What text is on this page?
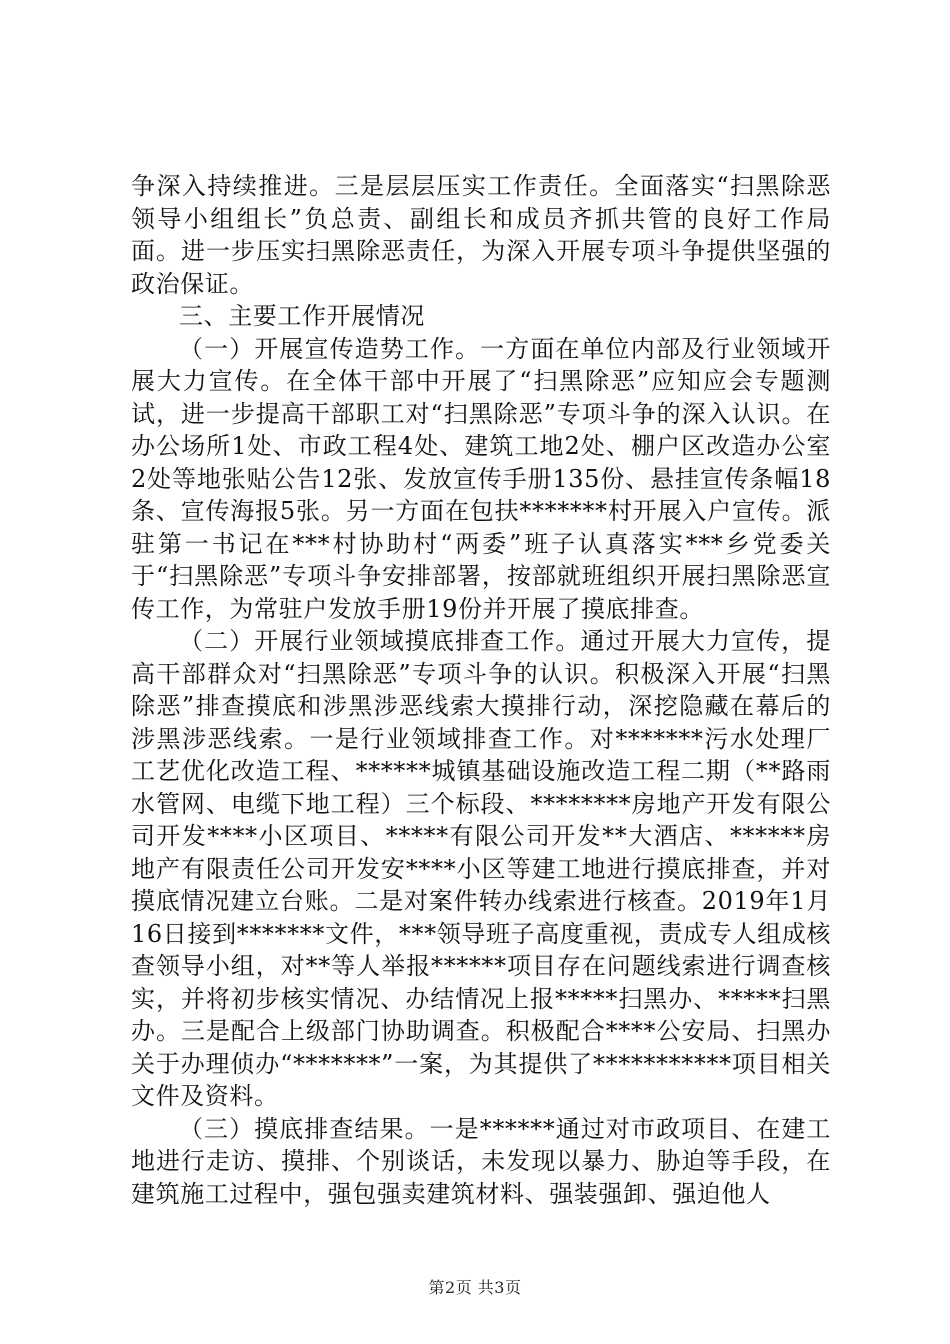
争深入持续推进。三是层层压实工作责任。全面落实“扫黑除恶领导小组组长”负总责、副组长和成员齐抓共管的良好工作局面。进一步压实扫黑除恶责任，为深入开展专项斗争提供坚强的政治保证。

三、主要工作开展情况

（一）开展宣传造势工作。一方面在单位内部及行业领域开展大力宣传。在全体干部中开展了“扫黑除恶”应知应会专题测试，进一步提高干部职工对“扫黑除恶”专项斗争的深入认识。在办公场所1处、市政工程4处、建筑工地2处、棚户区改造办公室2处等地张贴公告12张、发放宣传手册135份、悬挂宣传条幅18条、宣传海报5张。另一方面在包扶*******村开展入户宣传。派驻第一书记在***村协助村“两委”班子认真落实***乡党委关于“扫黑除恶”专项斗争安排部署，按部就班组织开展扫黑除恶宣传工作，为常驻户发放手册19份并开展了摸底排查。

（二）开展行业领域摸底排查工作。通过开展大力宣传，提高干部群众对“扫黑除恶”专项斗争的认识。积极深入开展“扫黑除恶”排查摸底和涉黑涉恶线索大摸排行动，深挖隐藏在幕后的涉黑涉恶线索。一是行业领域排查工作。对*******污水处理厂工艺优化改造工程、******城镇基础设施改造工程二期（**路雨水管网、电缆下地工程）三个标段、********房地产开发有限公司开发****小区项目、*****有限公司开发**大酒店、******房地产有限责任公司开发安****小区等建工地进行摸底排查，并对摸底情况建立台账。二是对案件转办线索进行核查。2019年1月16日接到*******文件，***领导班子高度重视，责成专人组成核查领导小组，对**等人举报******项目存在问题线索进行调查核实，并将初步核实情况、办结情况上报*****扫黑办、*****扫黑办。三是配合上级部门协助调查。积极配合****公安局、扫黑办关于办理侦办“*******”一案，为其提供了***********项目相关文件及资料。

（三）摸底排查结果。一是******通过对市政项目、在建工地进行走访、摸排、个别谈话，未发现以暴力、胁迫等手段，在建筑施工过程中，强包强卖建筑材料、强装强卸、强迫他人

第2页 共3页
